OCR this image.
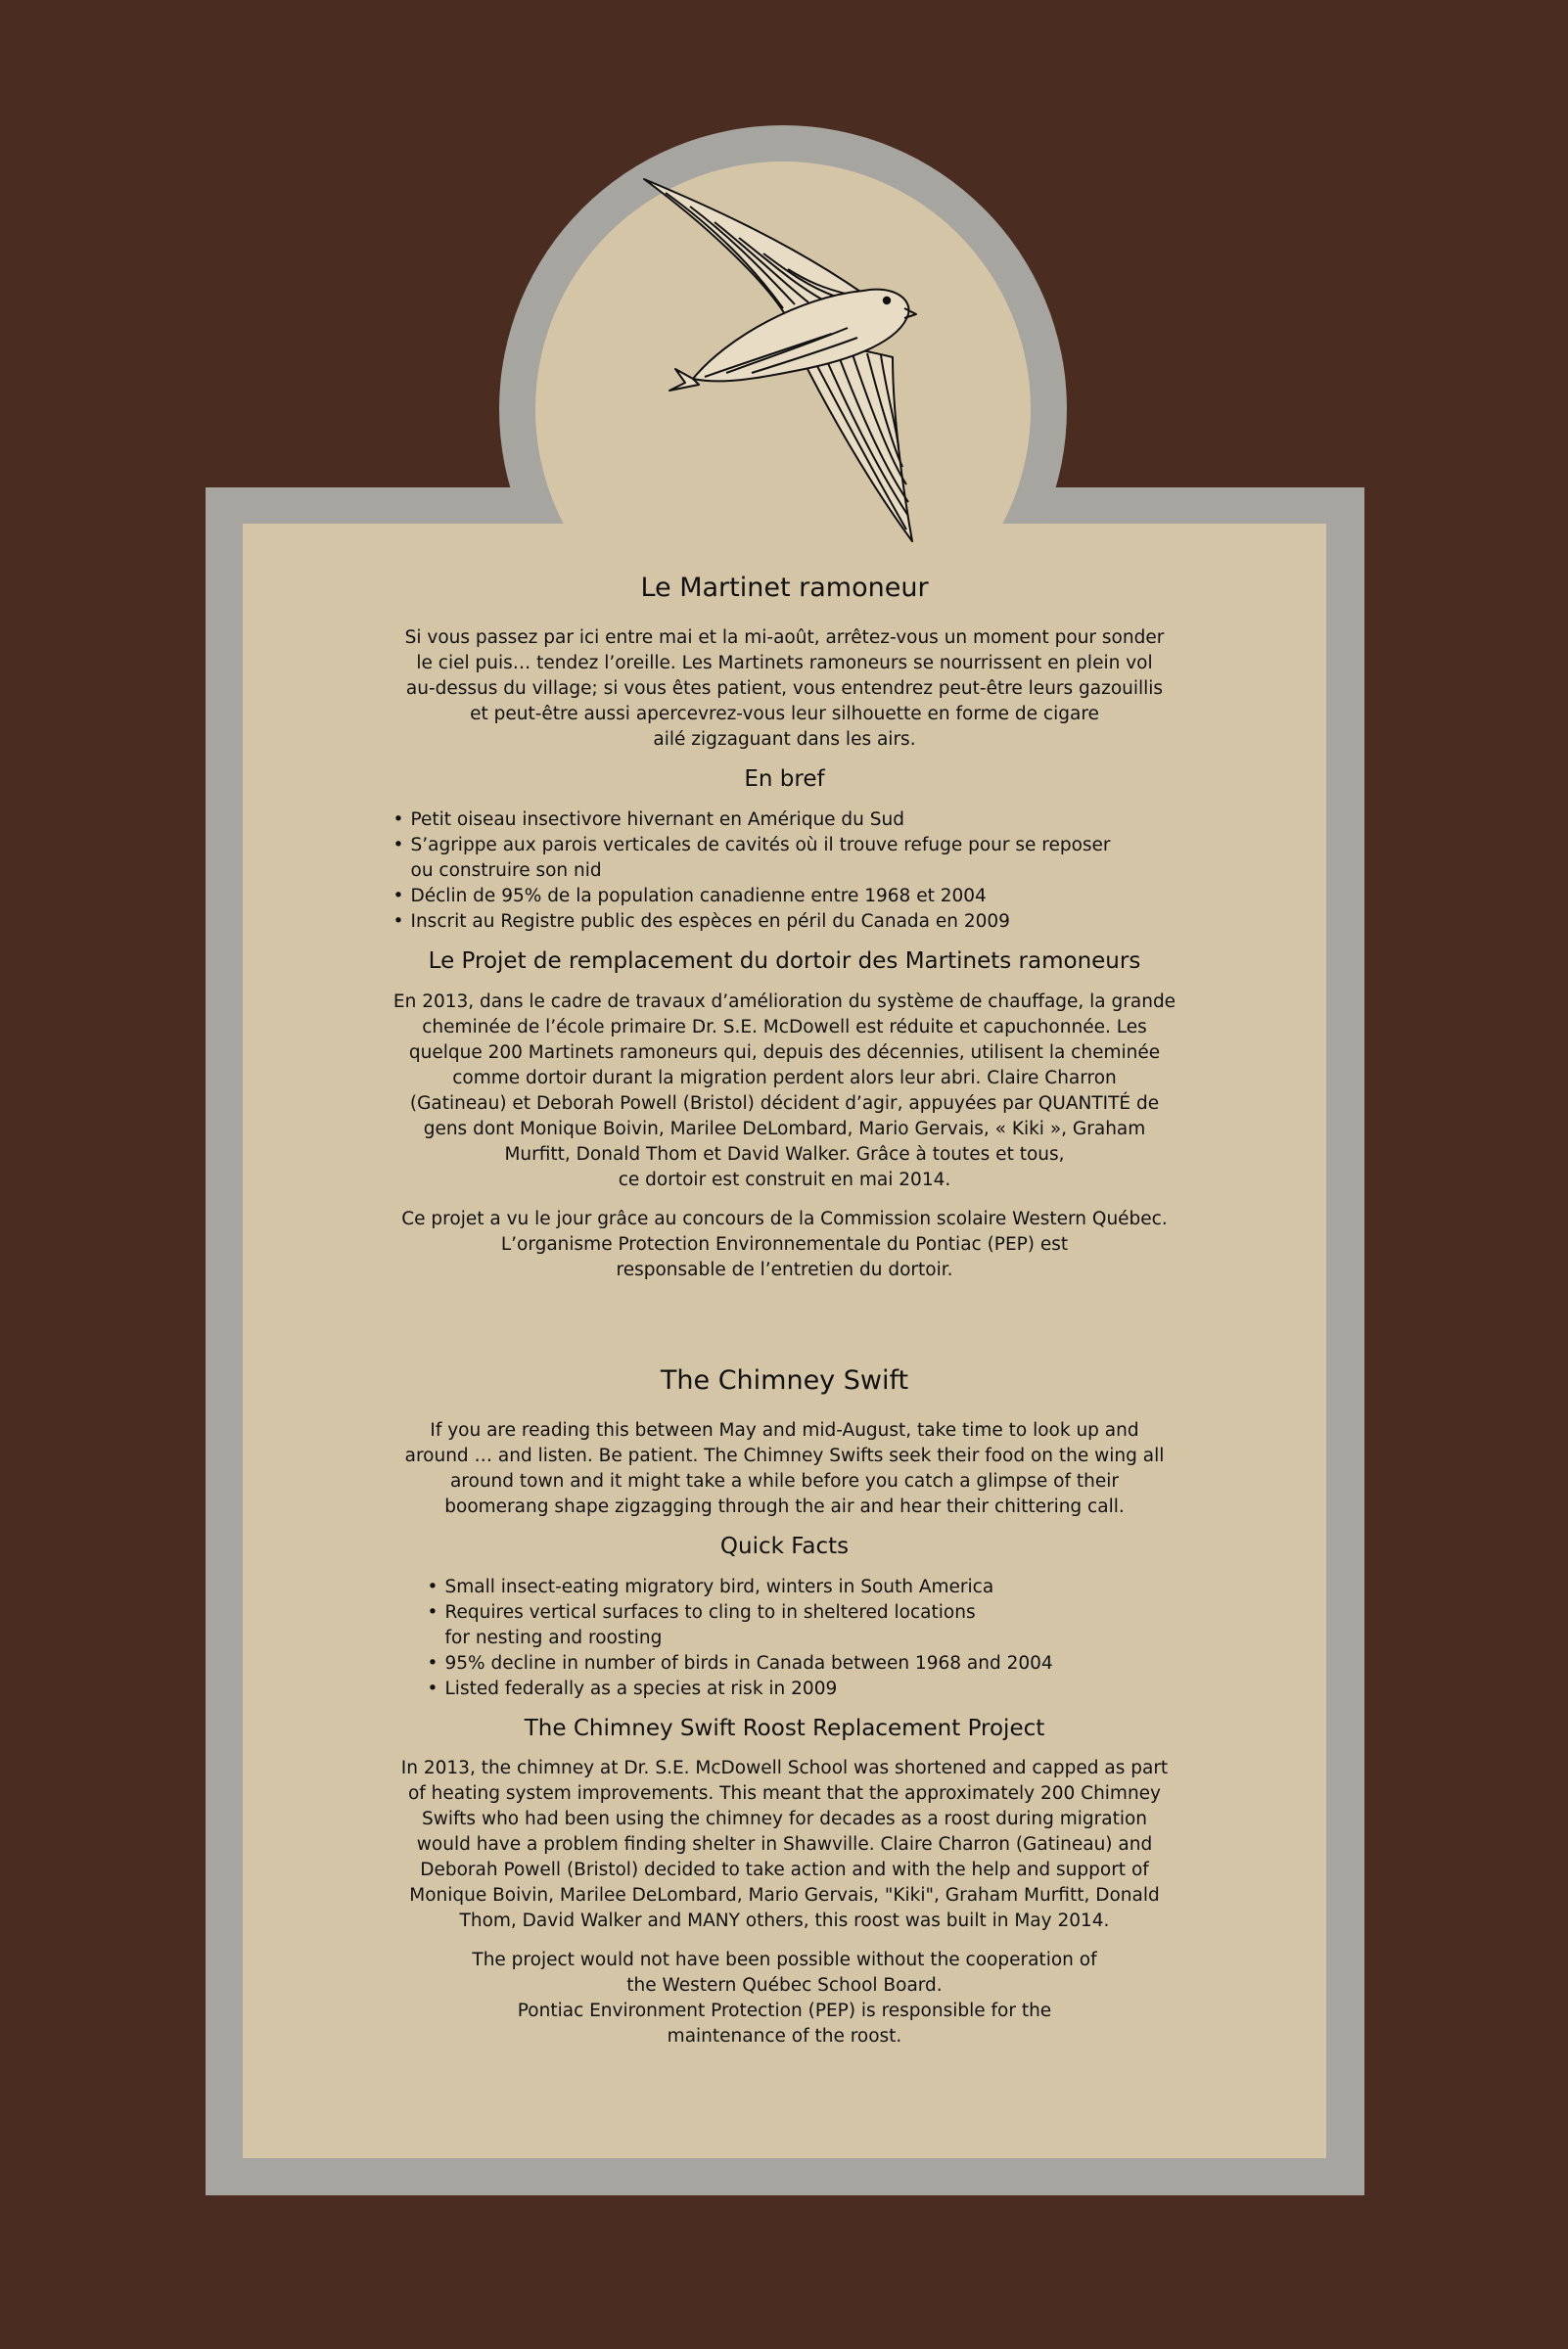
Le Martinet ramoneur

Si vous passez par ici entre mai et la mi-août, arrêtez-vous un moment pour sonder
le ciel puis… tendez l’oreille. Les Martinets ramoneurs se nourrissent en plein vol
au-dessus du village; si vous êtes patient, vous entendrez peut-être leurs gazouillis
et peut-être aussi apercevrez-vous leur silhouette en forme de cigare
ailé zigzaguant dans les airs.

En bref
• Petit oiseau insectivore hivernant en Amérique du Sud
• S’agrippe aux parois verticales de cavités où il trouve refuge pour se reposer
ou construire son nid
• Déclin de 95% de la population canadienne entre 1968 et 2004
• Inscrit au Registre public des espèces en péril du Canada en 2009
Le Projet de remplacement du dortoir des Martinets ramoneurs

En 2013, dans le cadre de travaux d’amélioration du système de chauffage, la grande
cheminée de l’école primaire Dr. S.E. McDowell est réduite et capuchonnée. Les
quelque 200 Martinets ramoneurs qui, depuis des décennies, utilisent la cheminée
comme dortoir durant la migration perdent alors leur abri. Claire Charron
(Gatineau) et Deborah Powell (Bristol) décident d’agir, appuyées par QUANTITÉ de
gens dont Monique Boivin, Marilee DeLombard, Mario Gervais, « Kiki », Graham
Murfitt, Donald Thom et David Walker. Grâce à toutes et tous,
ce dortoir est construit en mai 2014.

Ce projet a vu le jour grâce au concours de la Commission scolaire Western Québec.
L’organisme Protection Environnementale du Pontiac (PEP) est
responsable de l’entretien du dortoir.

The Chimney Swift

If you are reading this between May and mid-August, take time to look up and
around … and listen. Be patient. The Chimney Swifts seek their food on the wing all
around town and it might take a while before you catch a glimpse of their
boomerang shape zigzagging through the air and hear their chittering call.

Quick Facts
• Small insect-eating migratory bird, winters in South America
• Requires vertical surfaces to cling to in sheltered locations
for nesting and roosting
• 95% decline in number of birds in Canada between 1968 and 2004
• Listed federally as a species at risk in 2009
The Chimney Swift Roost Replacement Project

In 2013, the chimney at Dr. S.E. McDowell School was shortened and capped as part
of heating system improvements. This meant that the approximately 200 Chimney
Swifts who had been using the chimney for decades as a roost during migration
would have a problem finding shelter in Shawville. Claire Charron (Gatineau) and
Deborah Powell (Bristol) decided to take action and with the help and support of
Monique Boivin, Marilee DeLombard, Mario Gervais, "Kiki", Graham Murfitt, Donald
Thom, David Walker and MANY others, this roost was built in May 2014.

The project would not have been possible without the cooperation of
the Western Québec School Board.
Pontiac Environment Protection (PEP) is responsible for the
maintenance of the roost.
